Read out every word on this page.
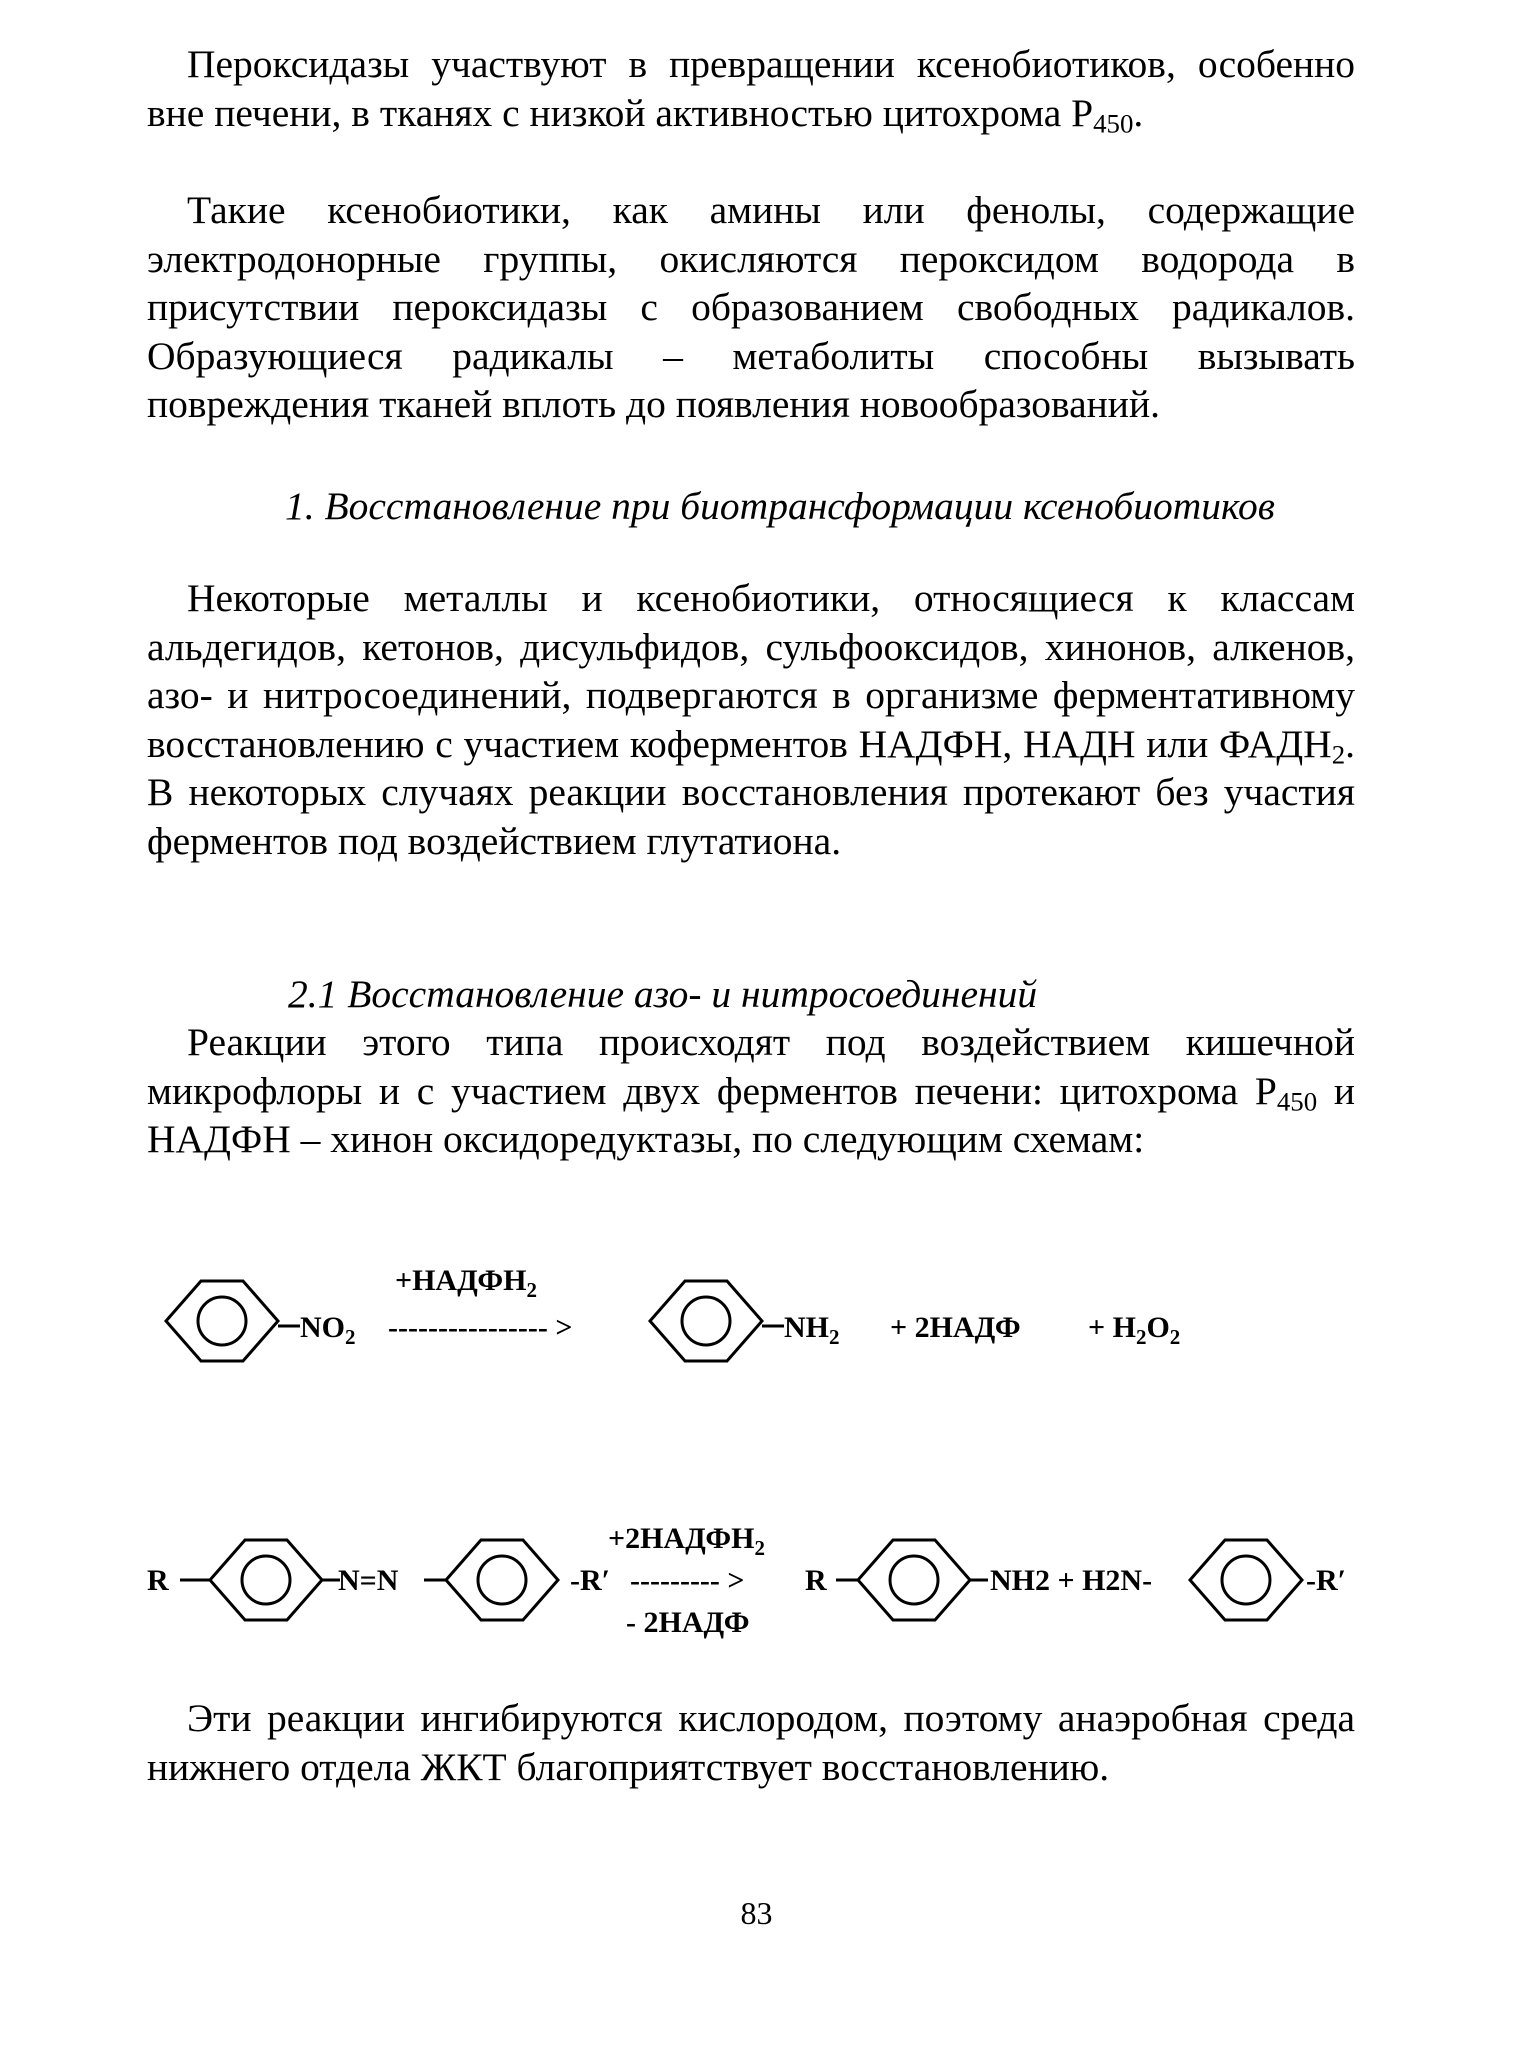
Пероксидазы участвуют в превращении ксенобиотиков, особенно вне печени, в тканях с низкой активностью цитохрома $Р_{450}$.

Такие ксенобиотики, как амины или фенолы, содержащие электродонорные группы, окисляются пероксидом водорода в присутствии пероксидазы с образованием свободных радикалов. Образующиеся радикалы – метаболиты способны вызывать повреждения тканей вплоть до появления новообразований.

1. Восстановление при биотрансформации ксенобиотиков

Некоторые металлы и ксенобиотики, относящиеся к классам альдегидов, кетонов, дисульфидов, сульфооксидов, хинонов, алкенов, азо- и нитросоединений, подвергаются в организме ферментативному восстановлению с участием коферментов НАДФН, НАДН или $ФАДН_2$. В некоторых случаях реакции восстановления протекают без участия ферментов под воздействием глутатиона.

2.1 Восстановление азо- и нитросоединений

Реакции этого типа происходят под воздействием кишечной микрофлоры и с участием двух ферментов печени: цитохрома $Р_{450}$ и НАДФН – хинон оксидоредуктазы, по следующим схемам:

$NO_2$
$+НАДФН_2$
---------------- >	$NH_2$ + 2НАДФ + $H_2O_2$
R	N=N	-R′
$+2НАДФН_2$
--------- >
- 2НАДФ
R	NH2 + H2N-	-R′

Эти реакции ингибируются кислородом, поэтому анаэробная среда нижнего отдела ЖКТ благоприятствует восстановлению.

83
